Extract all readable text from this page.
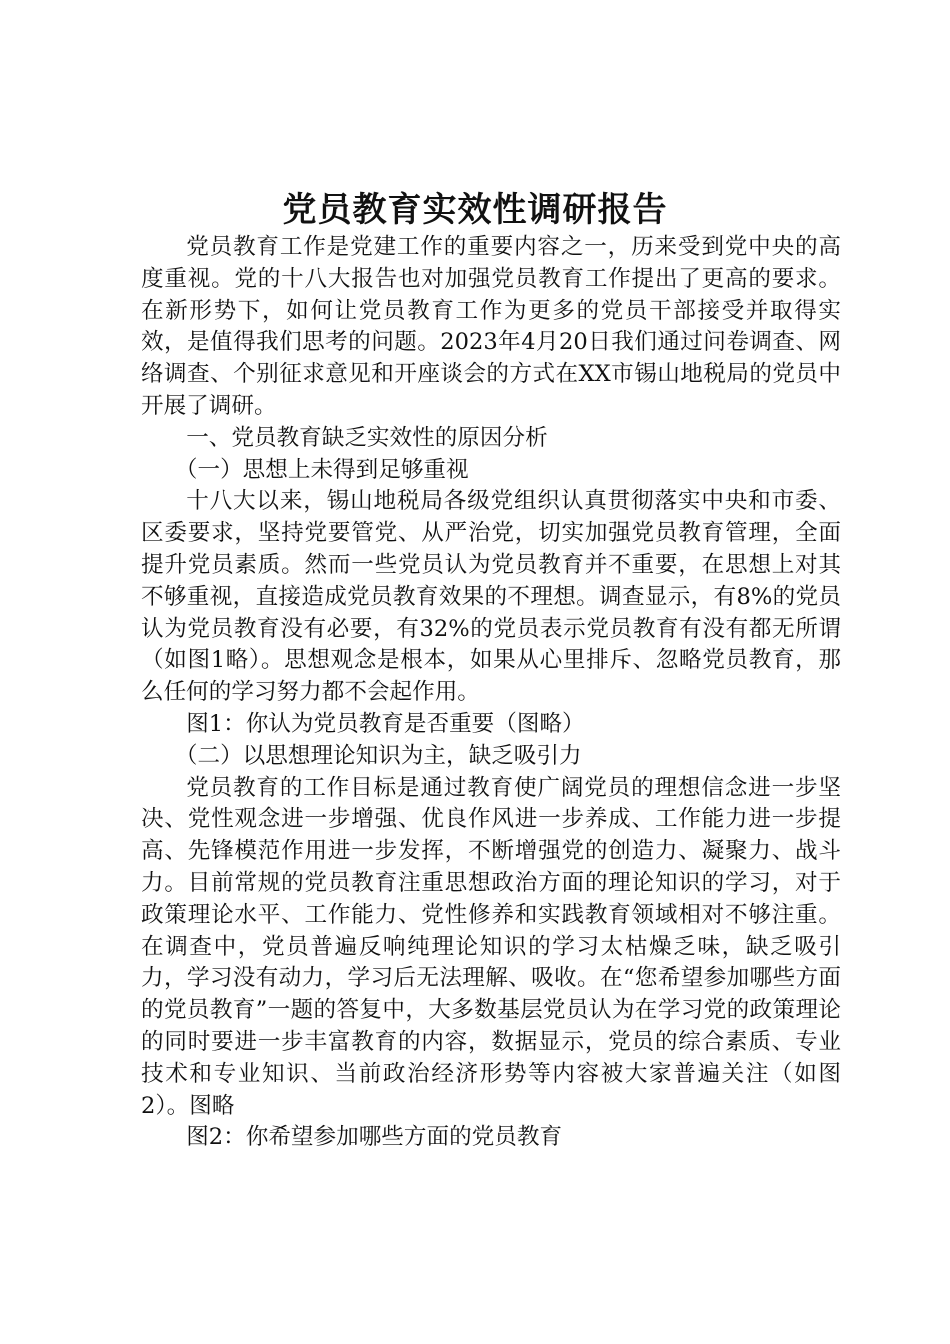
党员教育实效性调研报告

党员教育工作是党建工作的重要内容之一，历来受到党中央的高度重视。党的十八大报告也对加强党员教育工作提出了更高的要求。在新形势下，如何让党员教育工作为更多的党员干部接受并取得实效，是值得我们思考的问题。2023年4月20日我们通过问卷调查、网络调查、个别征求意见和开座谈会的方式在XX市锡山地税局的党员中开展了调研。

一、党员教育缺乏实效性的原因分析

（一）思想上未得到足够重视

十八大以来，锡山地税局各级党组织认真贯彻落实中央和市委、区委要求，坚持党要管党、从严治党，切实加强党员教育管理，全面提升党员素质。然而一些党员认为党员教育并不重要，在思想上对其不够重视，直接造成党员教育效果的不理想。调查显示，有8%的党员认为党员教育没有必要，有32%的党员表示党员教育有没有都无所谓（如图1略）。思想观念是根本，如果从心里排斥、忽略党员教育，那么任何的学习努力都不会起作用。

图1：你认为党员教育是否重要（图略）

（二）以思想理论知识为主，缺乏吸引力

党员教育的工作目标是通过教育使广阔党员的理想信念进一步坚决、党性观念进一步增强、优良作风进一步养成、工作能力进一步提高、先锋模范作用进一步发挥，不断增强党的创造力、凝聚力、战斗力。目前常规的党员教育注重思想政治方面的理论知识的学习，对于政策理论水平、工作能力、党性修养和实践教育领域相对不够注重。在调查中，党员普遍反响纯理论知识的学习太枯燥乏味，缺乏吸引力，学习没有动力，学习后无法理解、吸收。在“您希望参加哪些方面的党员教育”一题的答复中，大多数基层党员认为在学习党的政策理论的同时要进一步丰富教育的内容，数据显示，党员的综合素质、专业技术和专业知识、当前政治经济形势等内容被大家普遍关注（如图2）。图略

图2：你希望参加哪些方面的党员教育
